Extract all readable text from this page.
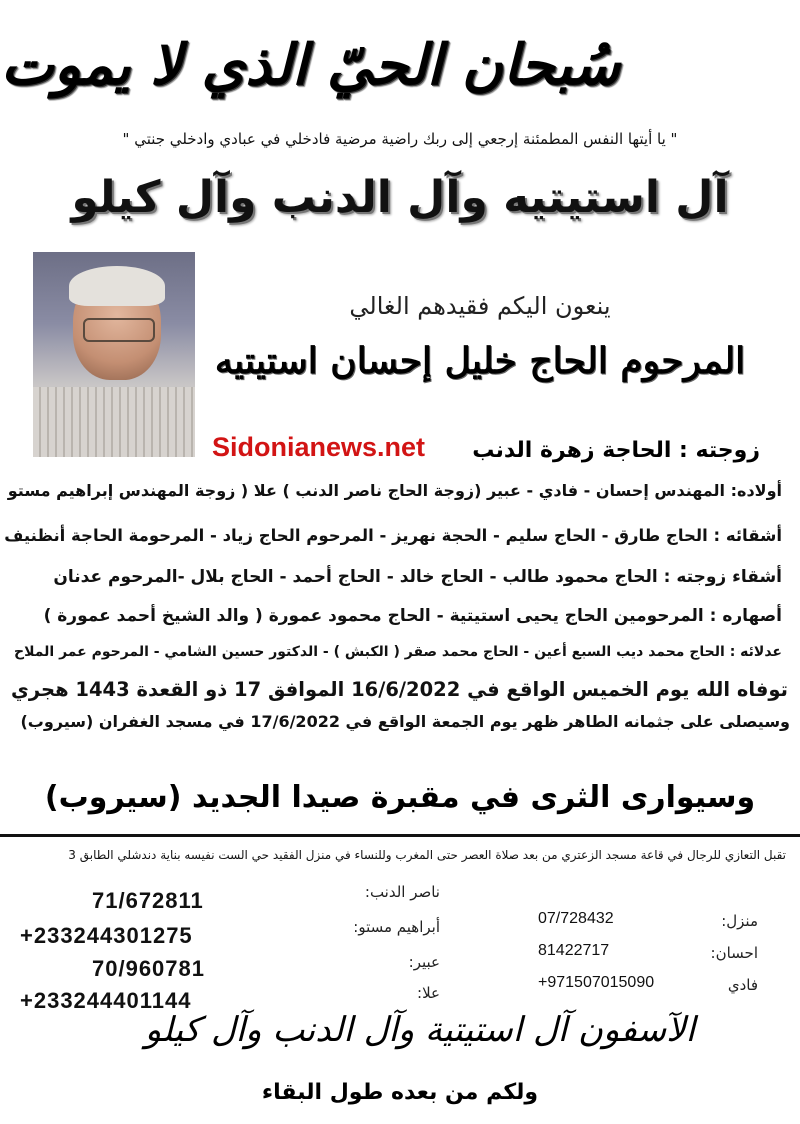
سُبحان الحيّ الذي لا يموت
" يا أيتها النفس المطمئنة إرجعي إلى ربك راضية مرضية فادخلي في عبادي وادخلي جنتي "
آل استيتيه وآل الدنب وآل كيلو
ينعون اليكم فقيدهم الغالي
المرحوم الحاج خليل إحسان استيتيه
Sidonianews.net زوجته : الحاجة زهرة الدنب
أولاده: المهندس إحسان - فادي - عبير (زوجة الحاج ناصر الدنب ) علا ( زوجة المهندس إبراهيم مستو
أشقائه : الحاج طارق - الحاج سليم - الحجة نهريز - المرحوم الحاج زياد - المرحومة الحاجة أنظنيف
أشقاء زوجته : الحاج محمود طالب - الحاج خالد - الحاج أحمد - الحاج بلال -المرحوم عدنان
أصهاره : المرحومين الحاج يحيى استيتية - الحاج محمود عمورة ( والد الشيخ أحمد عمورة )
عدلائه : الحاج محمد ديب السبع أعين - الحاج محمد صقر ( الكبش ) - الدكتور حسين الشامي - المرحوم عمر الملاح
توفاه الله يوم الخميس الواقع في 16/6/2022 الموافق 17 ذو القعدة 1443 هجري
وسيصلى على جثمانه الطاهر ظهر يوم الجمعة الواقع في 17/6/2022 في مسجد الغفران (سيروب)
وسيوارى الثرى في مقبرة صيدا الجديد (سيروب)
تقبل التعازي للرجال في قاعة مسجد الزعتري من بعد صلاة العصر حتى المغرب وللنساء في منزل الفقيد حي الست نفيسه بناية دندشلي الطابق 3
منزل:
07/728432
احسان:
81422717
فادي
+971507015090
ناصر الدنب:
71/672811
أبراهيم مستو:
+233244301275
عبير:
70/960781
علا:
+233244401144
الآسفون آل استيتية وآل الدنب وآل كيلو
ولكم من بعده طول البقاء
